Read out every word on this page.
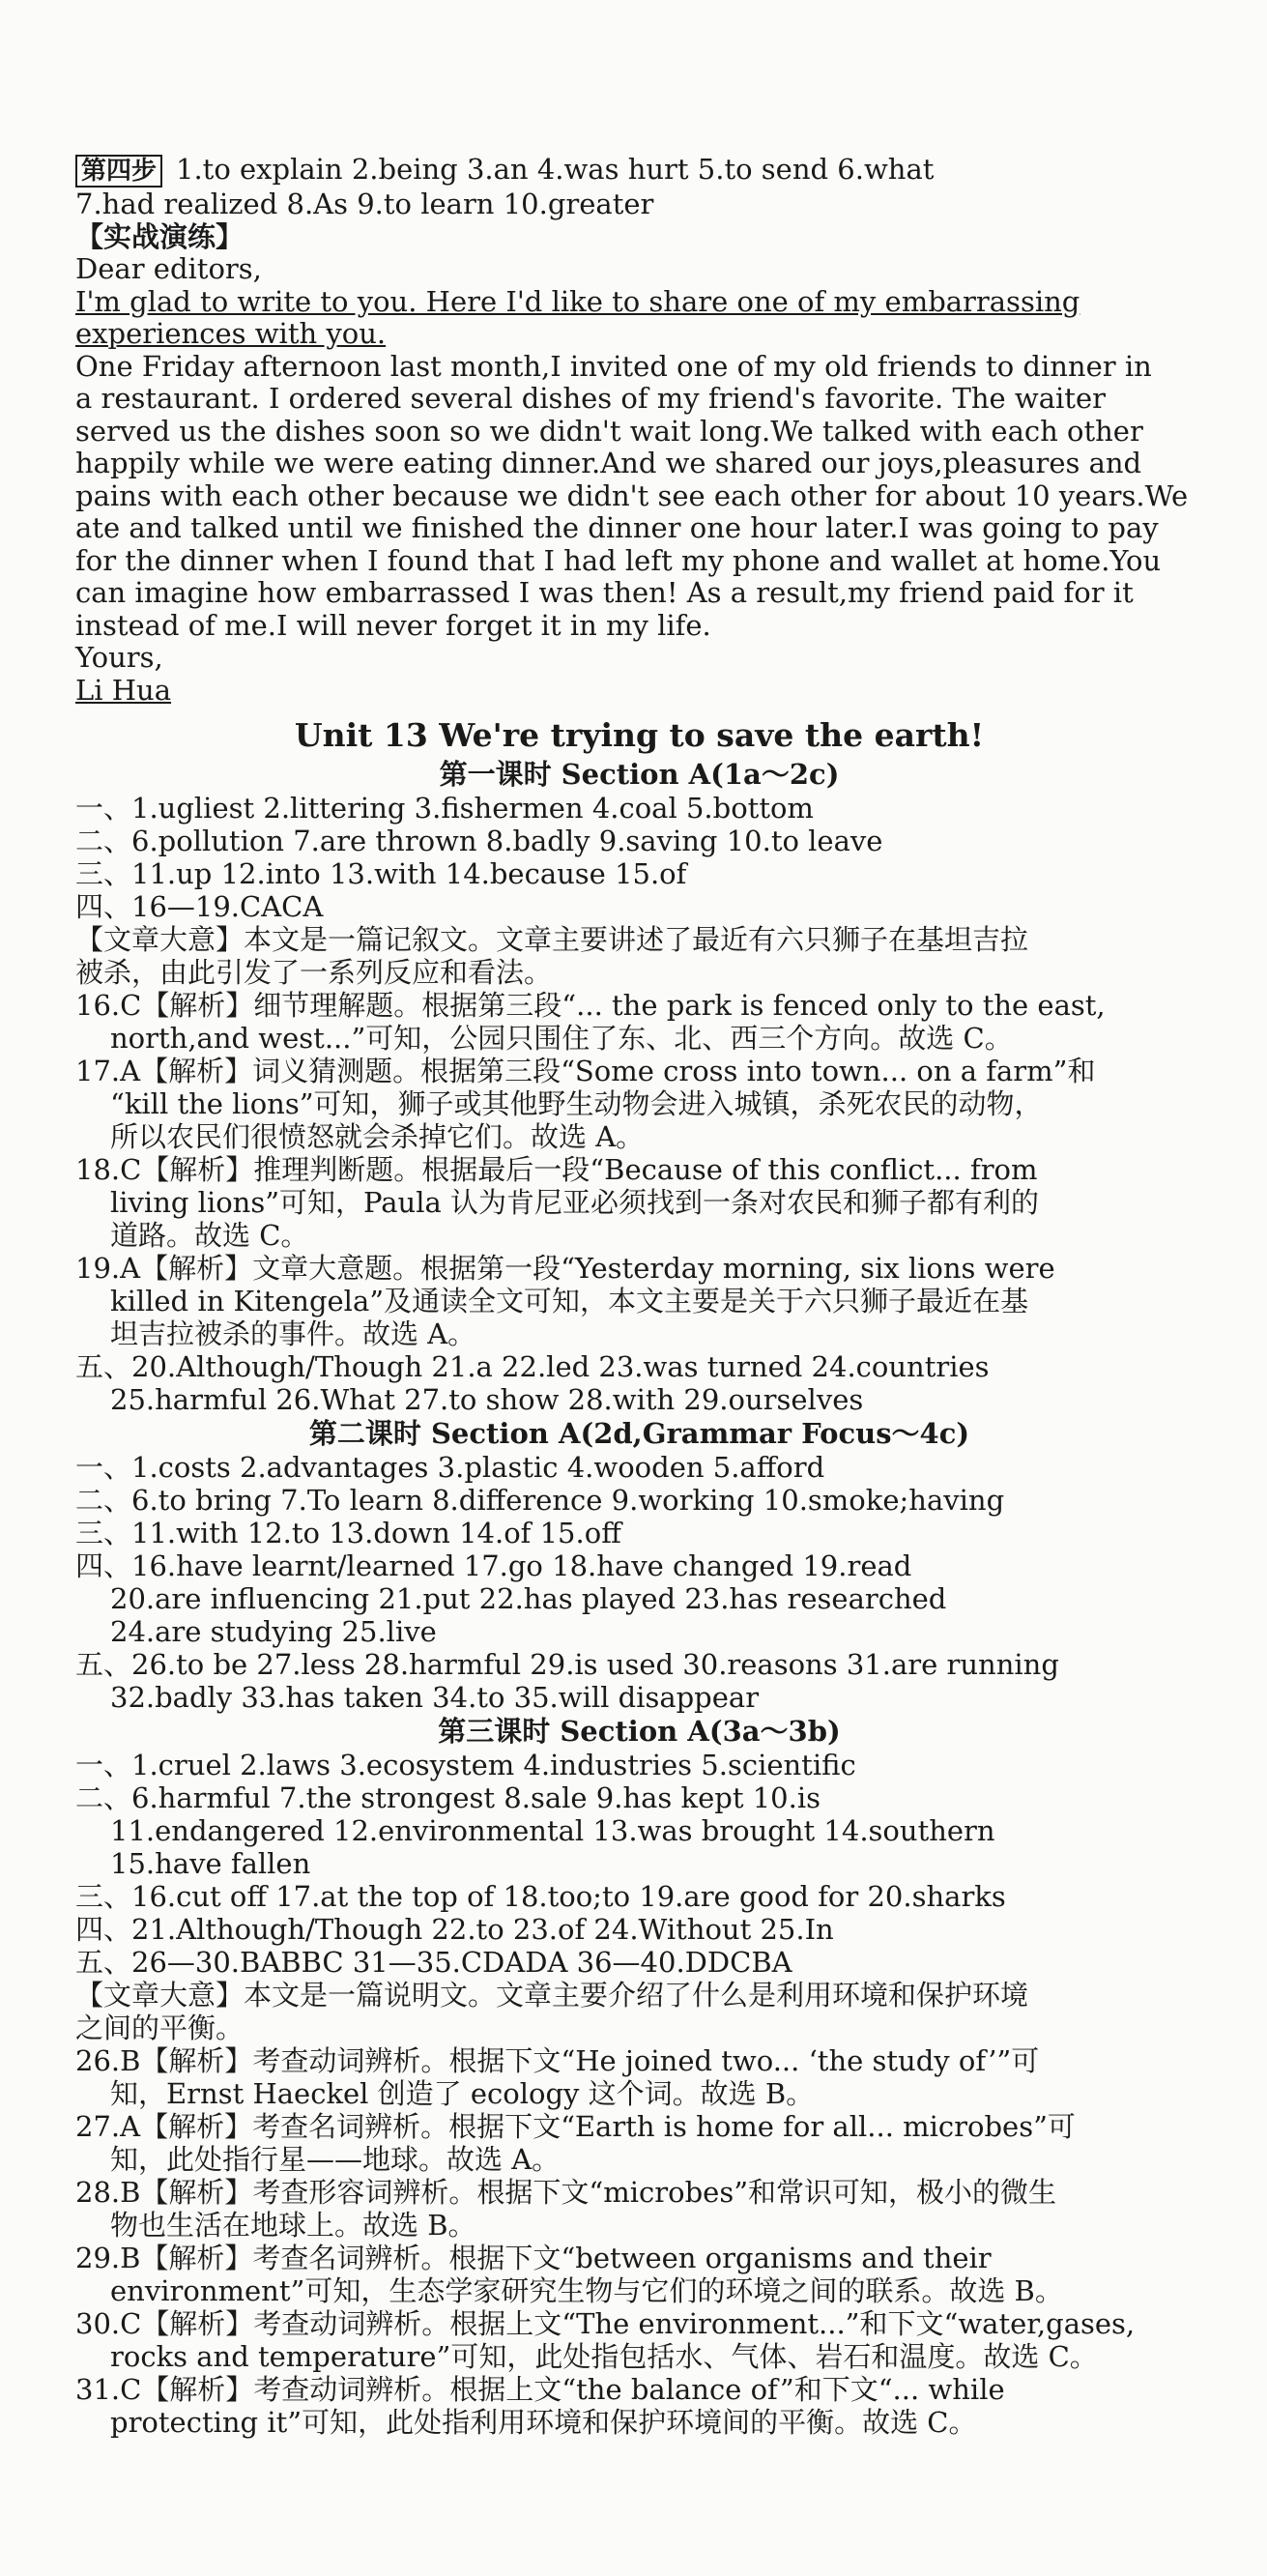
第四步 1.to explain 2.being 3.an 4.was hurt 5.to send 6.what
7.had realized 8.As 9.to learn 10.greater
【实战演练】
Dear editors,
I'm glad to write to you. Here I'd like to share one of my embarrassing
experiences with you.
One Friday afternoon last month,I invited one of my old friends to dinner in
a restaurant. I ordered several dishes of my friend's favorite. The waiter
served us the dishes soon so we didn't wait long.We talked with each other
happily while we were eating dinner.And we shared our joys,pleasures and
pains with each other because we didn't see each other for about 10 years.We
ate and talked until we finished the dinner one hour later.I was going to pay
for the dinner when I found that I had left my phone and wallet at home.You
can imagine how embarrassed I was then! As a result,my friend paid for it
instead of me.I will never forget it in my life.
Yours,
Li Hua
Unit 13 We're trying to save the earth!
第一课时 Section A(1a～2c)
一、1.ugliest 2.littering 3.fishermen 4.coal 5.bottom
二、6.pollution 7.are thrown 8.badly 9.saving 10.to leave
三、11.up 12.into 13.with 14.because 15.of
四、16—19.CACA
【文章大意】本文是一篇记叙文。文章主要讲述了最近有六只狮子在基坦吉拉
被杀，由此引发了一系列反应和看法。
16.C【解析】细节理解题。根据第三段“... the park is fenced only to the east,
north,and west...”可知，公园只围住了东、北、西三个方向。故选 C。
17.A【解析】词义猜测题。根据第三段“Some cross into town... on a farm”和
“kill the lions”可知，狮子或其他野生动物会进入城镇，杀死农民的动物，
所以农民们很愤怒就会杀掉它们。故选 A。
18.C【解析】推理判断题。根据最后一段“Because of this conflict... from
living lions”可知，Paula 认为肯尼亚必须找到一条对农民和狮子都有利的
道路。故选 C。
19.A【解析】文章大意题。根据第一段“Yesterday morning, six lions were
killed in Kitengela”及通读全文可知，本文主要是关于六只狮子最近在基
坦吉拉被杀的事件。故选 A。
五、20.Although/Though 21.a 22.led 23.was turned 24.countries
25.harmful 26.What 27.to show 28.with 29.ourselves
第二课时 Section A(2d,Grammar Focus～4c)
一、1.costs 2.advantages 3.plastic 4.wooden 5.afford
二、6.to bring 7.To learn 8.difference 9.working 10.smoke;having
三、11.with 12.to 13.down 14.of 15.off
四、16.have learnt/learned 17.go 18.have changed 19.read
20.are influencing 21.put 22.has played 23.has researched
24.are studying 25.live
五、26.to be 27.less 28.harmful 29.is used 30.reasons 31.are running
32.badly 33.has taken 34.to 35.will disappear
第三课时 Section A(3a～3b)
一、1.cruel 2.laws 3.ecosystem 4.industries 5.scientific
二、6.harmful 7.the strongest 8.sale 9.has kept 10.is
11.endangered 12.environmental 13.was brought 14.southern
15.have fallen
三、16.cut off 17.at the top of 18.too;to 19.are good for 20.sharks
四、21.Although/Though 22.to 23.of 24.Without 25.In
五、26—30.BABBC 31—35.CDADA 36—40.DDCBA
【文章大意】本文是一篇说明文。文章主要介绍了什么是利用环境和保护环境
之间的平衡。
26.B【解析】考查动词辨析。根据下文“He joined two... ‘the study of’”可
知，Ernst Haeckel 创造了 ecology 这个词。故选 B。
27.A【解析】考查名词辨析。根据下文“Earth is home for all... microbes”可
知，此处指行星——地球。故选 A。
28.B【解析】考查形容词辨析。根据下文“microbes”和常识可知，极小的微生
物也生活在地球上。故选 B。
29.B【解析】考查名词辨析。根据下文“between organisms and their
environment”可知，生态学家研究生物与它们的环境之间的联系。故选 B。
30.C【解析】考查动词辨析。根据上文“The environment...”和下文“water,gases,
rocks and temperature”可知，此处指包括水、气体、岩石和温度。故选 C。
31.C【解析】考查动词辨析。根据上文“the balance of”和下文“... while
protecting it”可知，此处指利用环境和保护环境间的平衡。故选 C。
